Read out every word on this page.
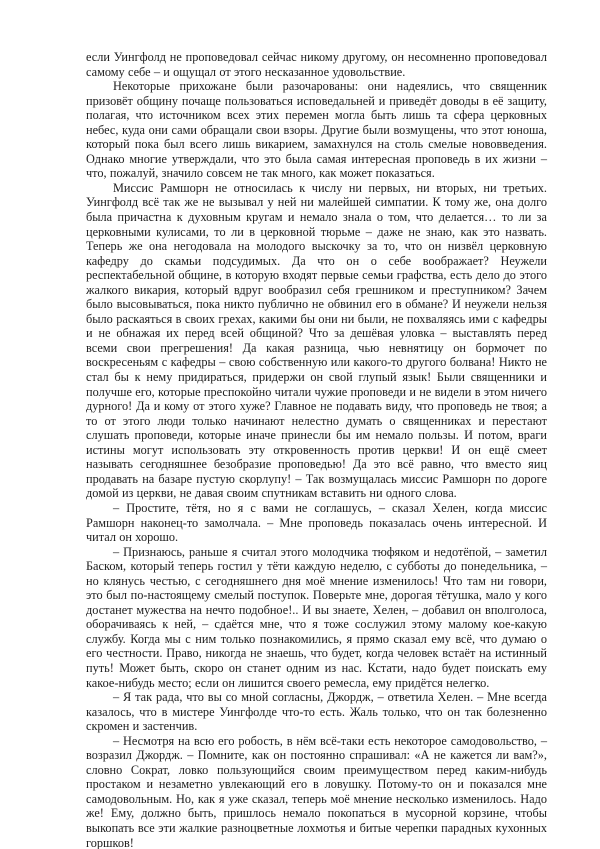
если Уингфолд не проповедовал сейчас никому другому, он несомненно проповедовал самому себе – и ощущал от этого несказанное удовольствие.

Некоторые прихожане были разочарованы: они надеялись, что священник призовёт общину почаще пользоваться исповедальней и приведёт доводы в её защиту, полагая, что источником всех этих перемен могла быть лишь та сфера церковных небес, куда они сами обращали свои взоры. Другие были возмущены, что этот юноша, который пока был всего лишь викарием, замахнулся на столь смелые нововведения. Однако многие утверждали, что это была самая интересная проповедь в их жизни – что, пожалуй, значило совсем не так много, как может показаться.

Миссис Рамшорн не относилась к числу ни первых, ни вторых, ни третьих. Уингфолд всё так же не вызывал у ней ни малейшей симпатии. К тому же, она долго была причастна к духовным кругам и немало знала о том, что делается… то ли за церковными кулисами, то ли в церковной тюрьме – даже не знаю, как это назвать. Теперь же она негодовала на молодого выскочку за то, что он низвёл церковную кафедру до скамьи подсудимых. Да что он о себе воображает? Неужели респектабельной общине, в которую входят первые семьи графства, есть дело до этого жалкого викария, который вдруг вообразил себя грешником и преступником? Зачем было высовываться, пока никто публично не обвинил его в обмане? И неужели нельзя было раскаяться в своих грехах, какими бы они ни были, не похваляясь ими с кафедры и не обнажая их перед всей общиной? Что за дешёвая уловка – выставлять перед всеми свои прегрешения! Да какая разница, чью невнятицу он бормочет по воскресеньям с кафедры – свою собственную или какого-то другого болвана! Никто не стал бы к нему придираться, придержи он свой глупый язык! Были священники и получше его, которые преспокойно читали чужие проповеди и не видели в этом ничего дурного! Да и кому от этого хуже? Главное не подавать виду, что проповедь не твоя; а то от этого люди только начинают нелестно думать о священниках и перестают слушать проповеди, которые иначе принесли бы им немало пользы. И потом, враги истины могут использовать эту откровенность против церкви! И он ещё смеет называть сегодняшнее безобразие проповедью! Да это всё равно, что вместо яиц продавать на базаре пустую скорлупу! – Так возмущалась миссис Рамшорн по дороге домой из церкви, не давая своим спутникам вставить ни одного слова.

– Простите, тётя, но я с вами не соглашусь, – сказал Хелен, когда миссис Рамшорн наконец-то замолчала. – Мне проповедь показалась очень интересной. И читал он хорошо.

– Признаюсь, раньше я считал этого молодчика тюфяком и недотёпой, – заметил Баском, который теперь гостил у тёти каждую неделю, с субботы до понедельника, – но клянусь честью, с сегодняшнего дня моё мнение изменилось! Что там ни говори, это был по-настоящему смелый поступок. Поверьте мне, дорогая тётушка, мало у кого достанет мужества на нечто подобное!.. И вы знаете, Хелен, – добавил он вполголоса, оборачиваясь к ней, – сдаётся мне, что я тоже сослужил этому малому кое-какую службу. Когда мы с ним только познакомились, я прямо сказал ему всё, что думаю о его честности. Право, никогда не знаешь, что будет, когда человек встаёт на истинный путь! Может быть, скоро он станет одним из нас. Кстати, надо будет поискать ему какое-нибудь место; если он лишится своего ремесла, ему придётся нелегко.

– Я так рада, что вы со мной согласны, Джордж, – ответила Хелен. – Мне всегда казалось, что в мистере Уингфолде что-то есть. Жаль только, что он так болезненно скромен и застенчив.

– Несмотря на всю его робость, в нём всё-таки есть некоторое самодовольство, – возразил Джордж. – Помните, как он постоянно спрашивал: «А не кажется ли вам?», словно Сократ, ловко пользующийся своим преимуществом перед каким-нибудь простаком и незаметно увлекающий его в ловушку. Потому-то он и показался мне самодовольным. Но, как я уже сказал, теперь моё мнение несколько изменилось. Надо же! Ему, должно быть, пришлось немало покопаться в мусорной корзине, чтобы выкопать все эти жалкие разноцветные лохмотья и битые черепки парадных кухонных горшков!
